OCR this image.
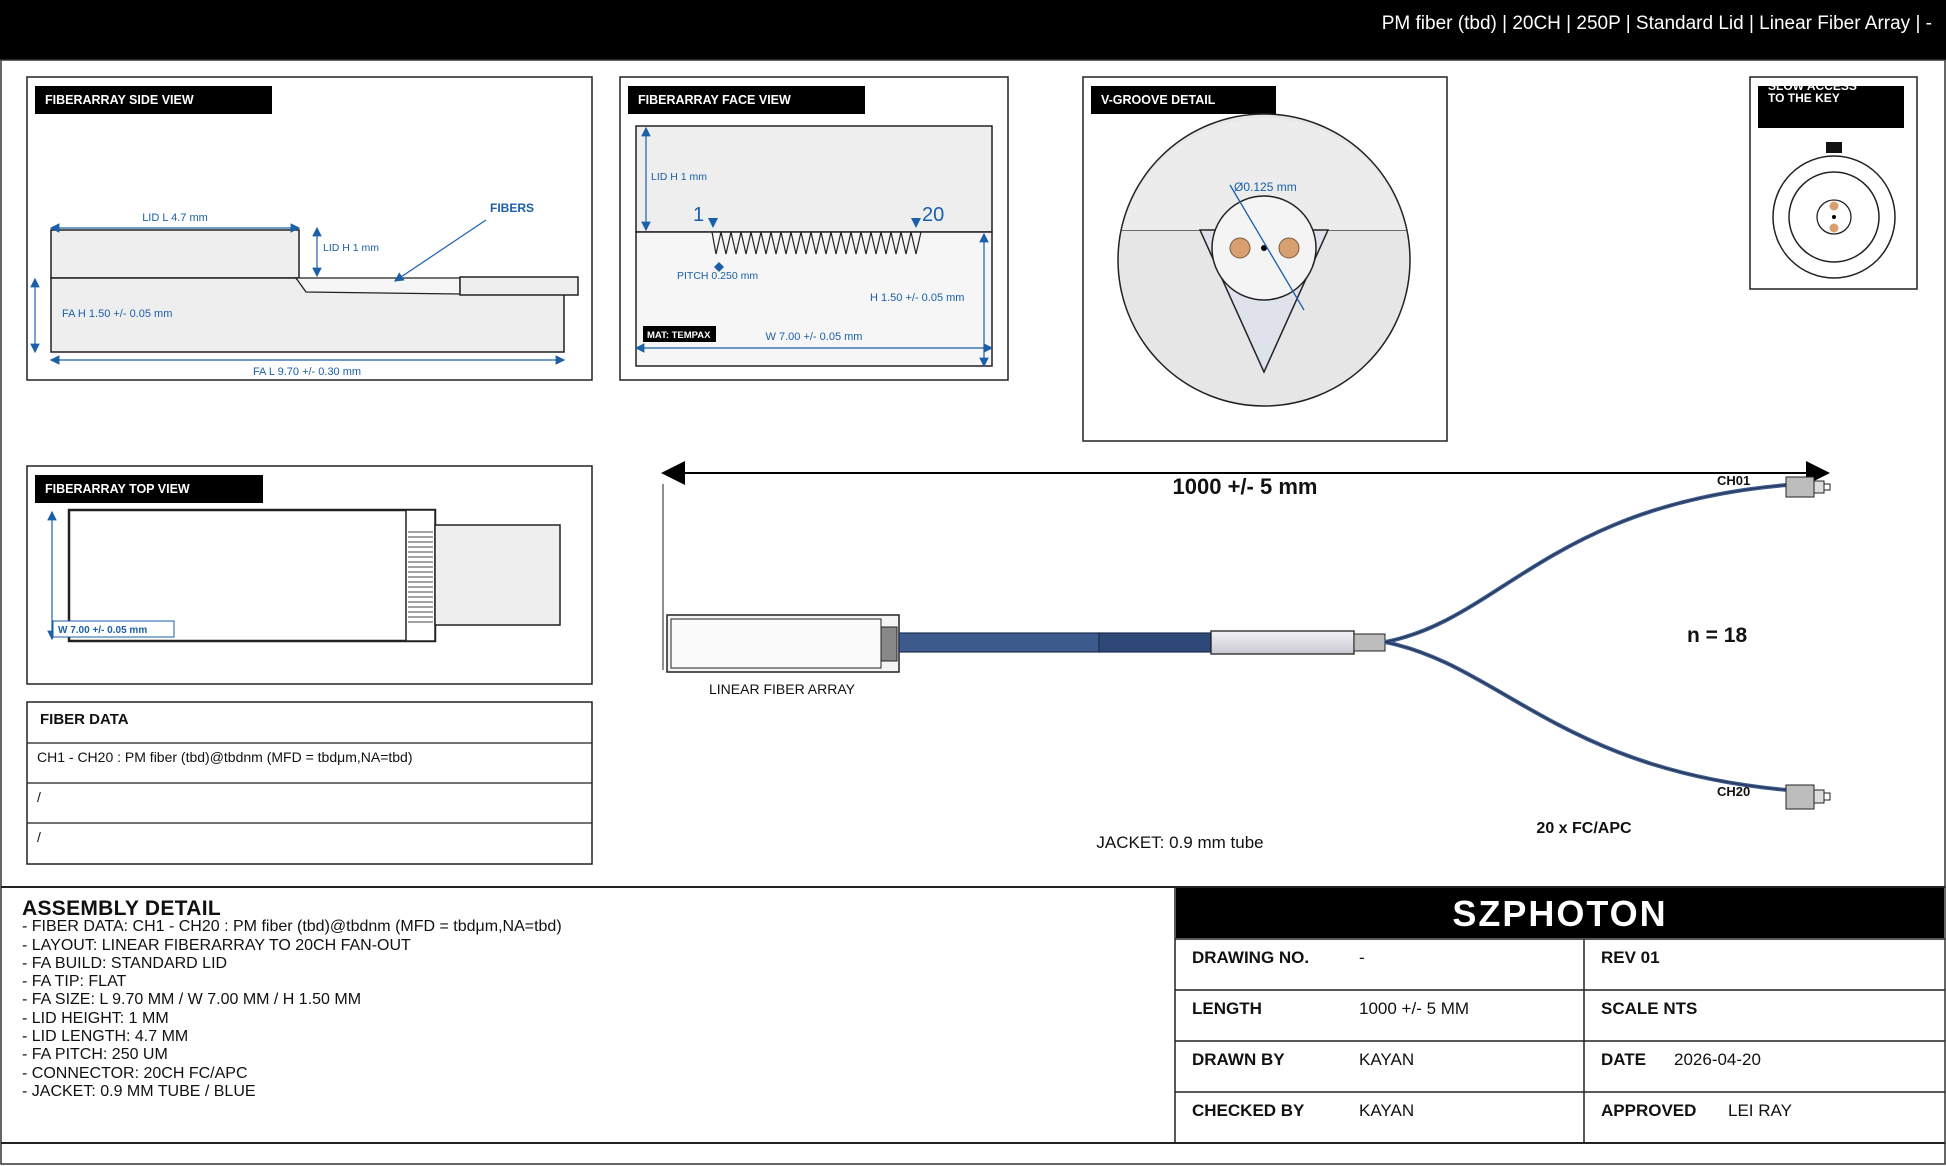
PM fiber (tbd) | 20CH | 250P | Standard Lid | Linear Fiber Array | -
FIBERARRAY SIDE VIEW
LID L 4.7 mm
LID H 1 mm
FA H 1.50 +/- 0.05 mm
FA L 9.70 +/- 0.30 mm
FIBERS
FIBERARRAY FACE VIEW
LID H 1 mm
1	20
PITCH 0.250 mm
H 1.50 +/- 0.05 mm
W 7.00 +/- 0.05 mm
MAT: TEMPAX
V-GROOVE DETAIL
Ø0.125 mm
SLOW ACCESS
TO THE KEY
FIBERARRAY TOP VIEW
W 7.00 +/- 0.05 mm
FIBER DATA
CH1 - CH20 : PM fiber (tbd)@tbdnm (MFD = tbdμm,NA=tbd)
/
/
1000 +/- 5 mm
LINEAR FIBER ARRAY
CH01
CH20
n = 18
JACKET: 0.9 mm tube
20 x FC/APC
ASSEMBLY DETAIL
- FIBER DATA: CH1 - CH20 : PM fiber (tbd)@tbdnm (MFD = tbdμm,NA=tbd)
- LAYOUT: LINEAR FIBERARRAY TO 20CH FAN-OUT
- FA BUILD: STANDARD LID
- FA TIP: FLAT
- FA SIZE: L 9.70 MM / W 7.00 MM / H 1.50 MM
- LID HEIGHT: 1 MM
- LID LENGTH: 4.7 MM
- FA PITCH: 250 UM
- CONNECTOR: 20CH FC/APC
- JACKET: 0.9 MM TUBE / BLUE
SZPHOTON
DRAWING NO.	-	REV 01
LENGTH	1000 +/- 5 MM	SCALE NTS
DRAWN BY	KAYAN	DATE 2026-04-20
CHECKED BY	KAYAN	APPROVED LEI RAY
